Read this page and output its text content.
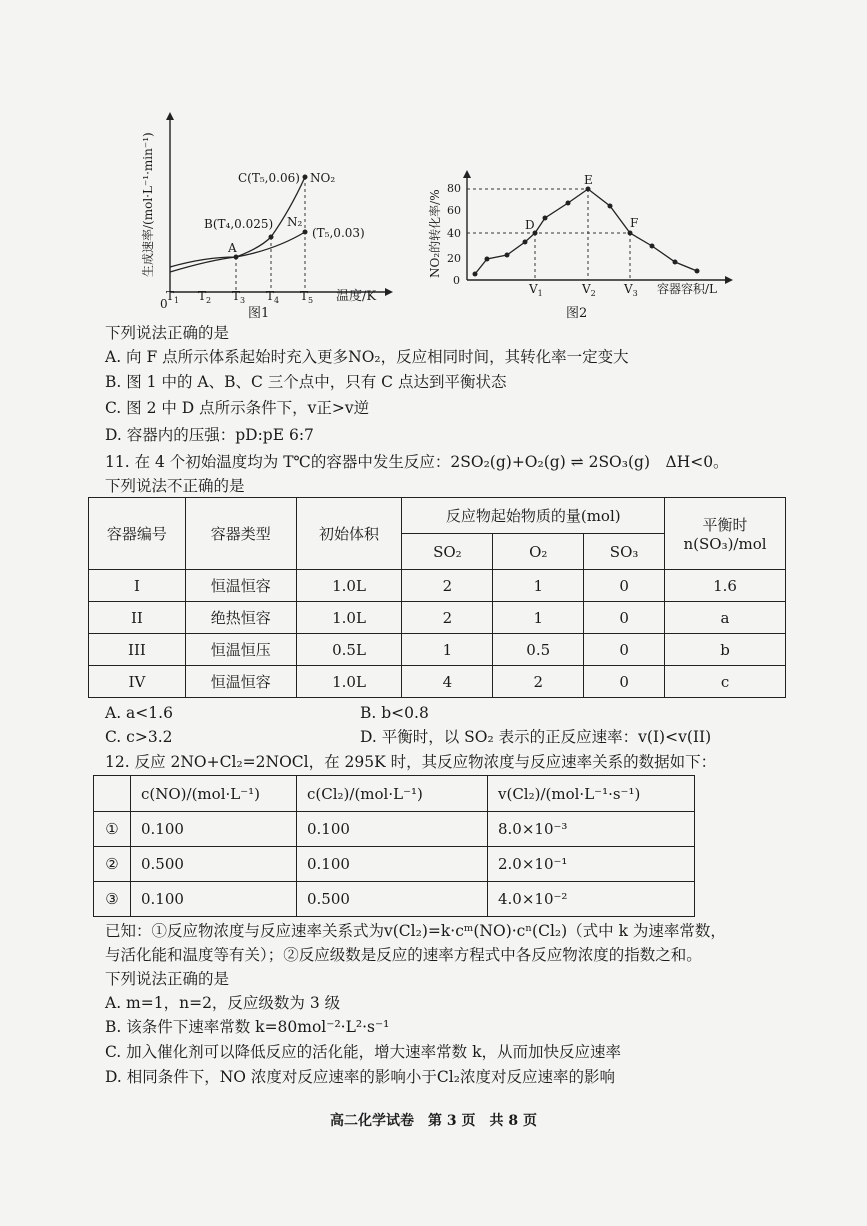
生成速率/(mol·L⁻¹·min⁻¹)
0	温度/K
$T_1$ $T_2$ $T_3$ $T_4$ $T_5$
A
B(T₄,0.025)
C(T₅,0.06) NO₂
N₂
(T₅,0.03)
图1
NO₂的转化率/%
0
20
40
60
80
D
E
F
$V_1$	$V_2$ $V_3$ 容器容积/L
图2
下列说法正确的是
A. 向 F 点所示体系起始时充入更多NO₂，反应相同时间，其转化率一定变大
B. 图 1 中的 A、B、C 三个点中，只有 C 点达到平衡状态
C. 图 2 中 D 点所示条件下，v正>v逆
D. 容器内的压强：pD:pE 6:7
11. 在 4 个初始温度均为 T℃的容器中发生反应：2SO₂(g)+O₂(g) ⇌ 2SO₃(g)　ΔH<0。
下列说法不正确的是
容器编号	容器类型	初始体积	反应物起始物质的量(mol)			平衡时
n(SO₃)/mol
			SO₂	O₂	SO₃	
I	恒温恒容	1.0L	2	1	0	1.6
II	绝热恒容	1.0L	2	1	0	a
III	恒温恒压	0.5L	1	0.5	0	b
IV	恒温恒容	1.0L	4	2	0	c
A. a<1.6	B. b<0.8
C. c>3.2	D. 平衡时，以 SO₂ 表示的正反应速率：v(I)<v(II)
12. 反应 2NO+Cl₂=2NOCl，在 295K 时，其反应物浓度与反应速率关系的数据如下：
	c(NO)/(mol·L⁻¹)	c(Cl₂)/(mol·L⁻¹)	v(Cl₂)/(mol·L⁻¹·s⁻¹)
①	0.100	0.100	8.0×10⁻³
②	0.500	0.100	2.0×10⁻¹
③	0.100	0.500	4.0×10⁻²
已知：①反应物浓度与反应速率关系式为v(Cl₂)=k·cᵐ(NO)·cⁿ(Cl₂)（式中 k 为速率常数，
与活化能和温度等有关）；②反应级数是反应的速率方程式中各反应物浓度的指数之和。
下列说法正确的是
A. m=1，n=2，反应级数为 3 级
B. 该条件下速率常数 k=80mol⁻²·L²·s⁻¹
C. 加入催化剂可以降低反应的活化能，增大速率常数 k，从而加快反应速率
D. 相同条件下，NO 浓度对反应速率的影响小于Cl₂浓度对反应速率的影响
高二化学试卷　第 3 页　共 8 页
